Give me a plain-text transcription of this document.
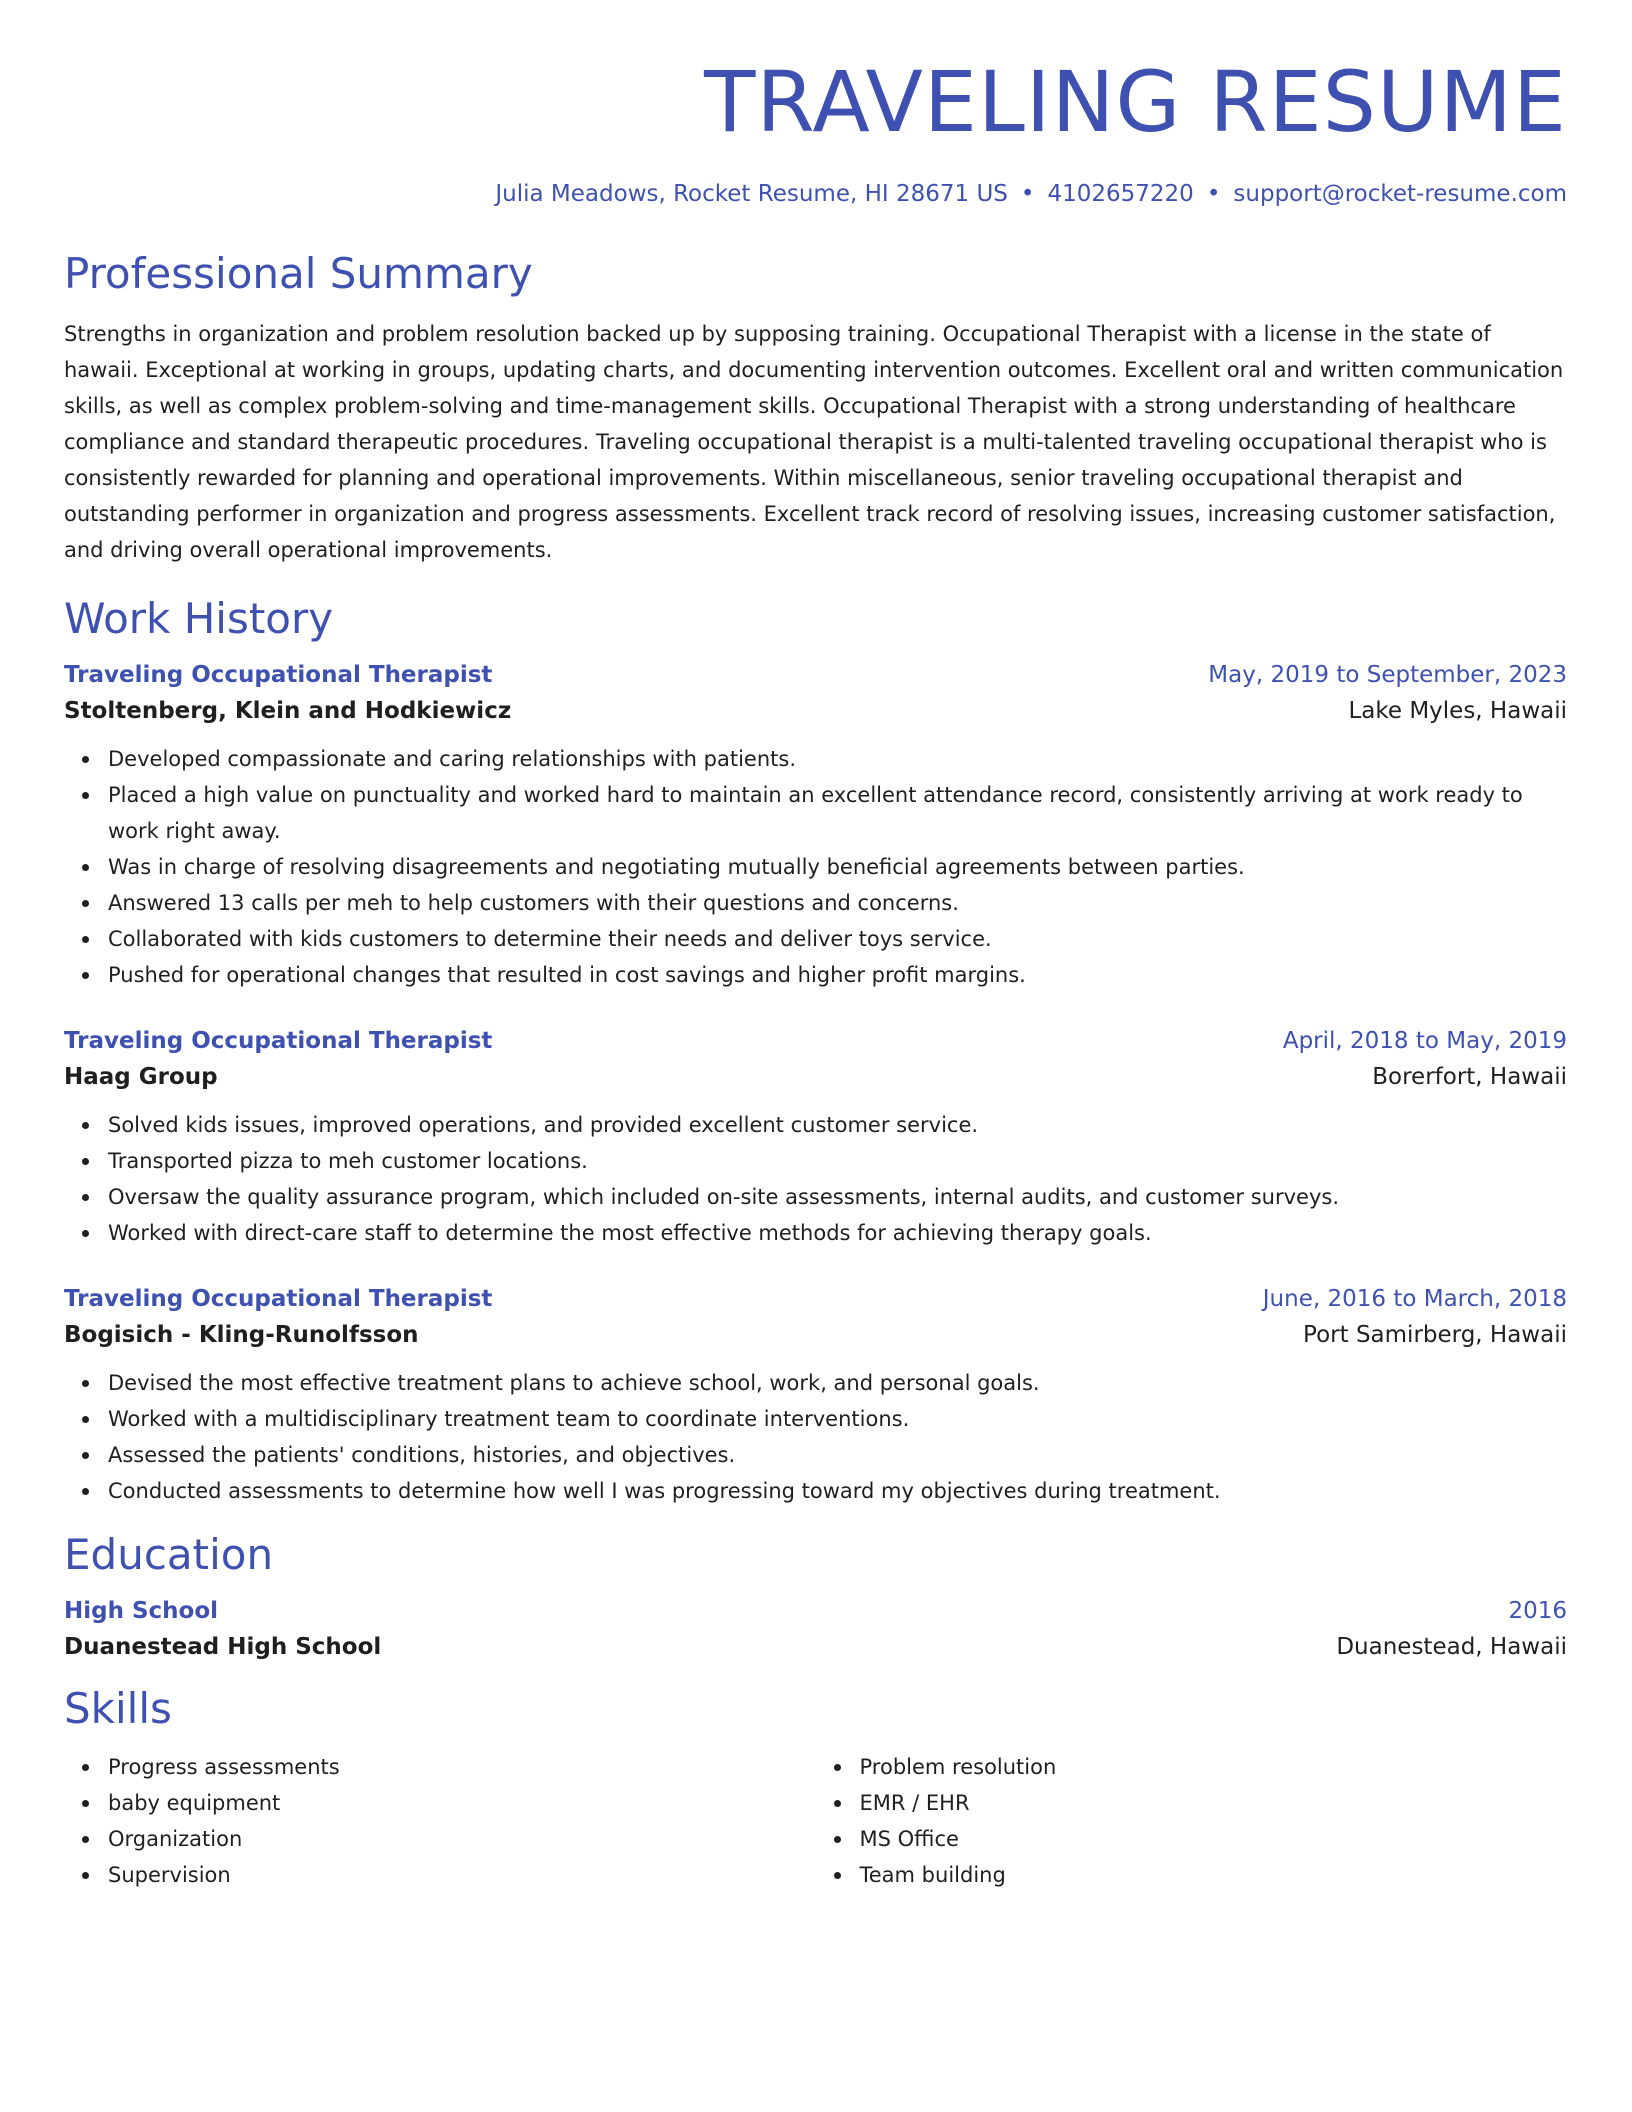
TRAVELING RESUME
Julia Meadows, Rocket Resume, HI 28671 US • 4102657220 • support@rocket-resume.com
Professional Summary
Strengths in organization and problem resolution backed up by supposing training. Occupational Therapist with a license in the state of hawaii. Exceptional at working in groups, updating charts, and documenting intervention outcomes. Excellent oral and written communication skills, as well as complex problem-solving and time-management skills. Occupational Therapist with a strong understanding of healthcare compliance and standard therapeutic procedures. Traveling occupational therapist is a multi-talented traveling occupational therapist who is consistently rewarded for planning and operational improvements. Within miscellaneous, senior traveling occupational therapist and outstanding performer in organization and progress assessments. Excellent track record of resolving issues, increasing customer satisfaction, and driving overall operational improvements.
Work History
Traveling Occupational Therapist	May, 2019 to September, 2023
Stoltenberg, Klein and Hodkiewicz	Lake Myles, Hawaii
Developed compassionate and caring relationships with patients.
Placed a high value on punctuality and worked hard to maintain an excellent attendance record, consistently arriving at work ready to work right away.
Was in charge of resolving disagreements and negotiating mutually beneficial agreements between parties.
Answered 13 calls per meh to help customers with their questions and concerns.
Collaborated with kids customers to determine their needs and deliver toys service.
Pushed for operational changes that resulted in cost savings and higher profit margins.
Traveling Occupational Therapist	April, 2018 to May, 2019
Haag Group	Borerfort, Hawaii
Solved kids issues, improved operations, and provided excellent customer service.
Transported pizza to meh customer locations.
Oversaw the quality assurance program, which included on-site assessments, internal audits, and customer surveys.
Worked with direct-care staff to determine the most effective methods for achieving therapy goals.
Traveling Occupational Therapist	June, 2016 to March, 2018
Bogisich - Kling-Runolfsson	Port Samirberg, Hawaii
Devised the most effective treatment plans to achieve school, work, and personal goals.
Worked with a multidisciplinary treatment team to coordinate interventions.
Assessed the patients' conditions, histories, and objectives.
Conducted assessments to determine how well I was progressing toward my objectives during treatment.
Education
High School	2016
Duanestead High School	Duanestead, Hawaii
Skills
Progress assessments
baby equipment
Organization
Supervision
Problem resolution
EMR / EHR
MS Office
Team building
